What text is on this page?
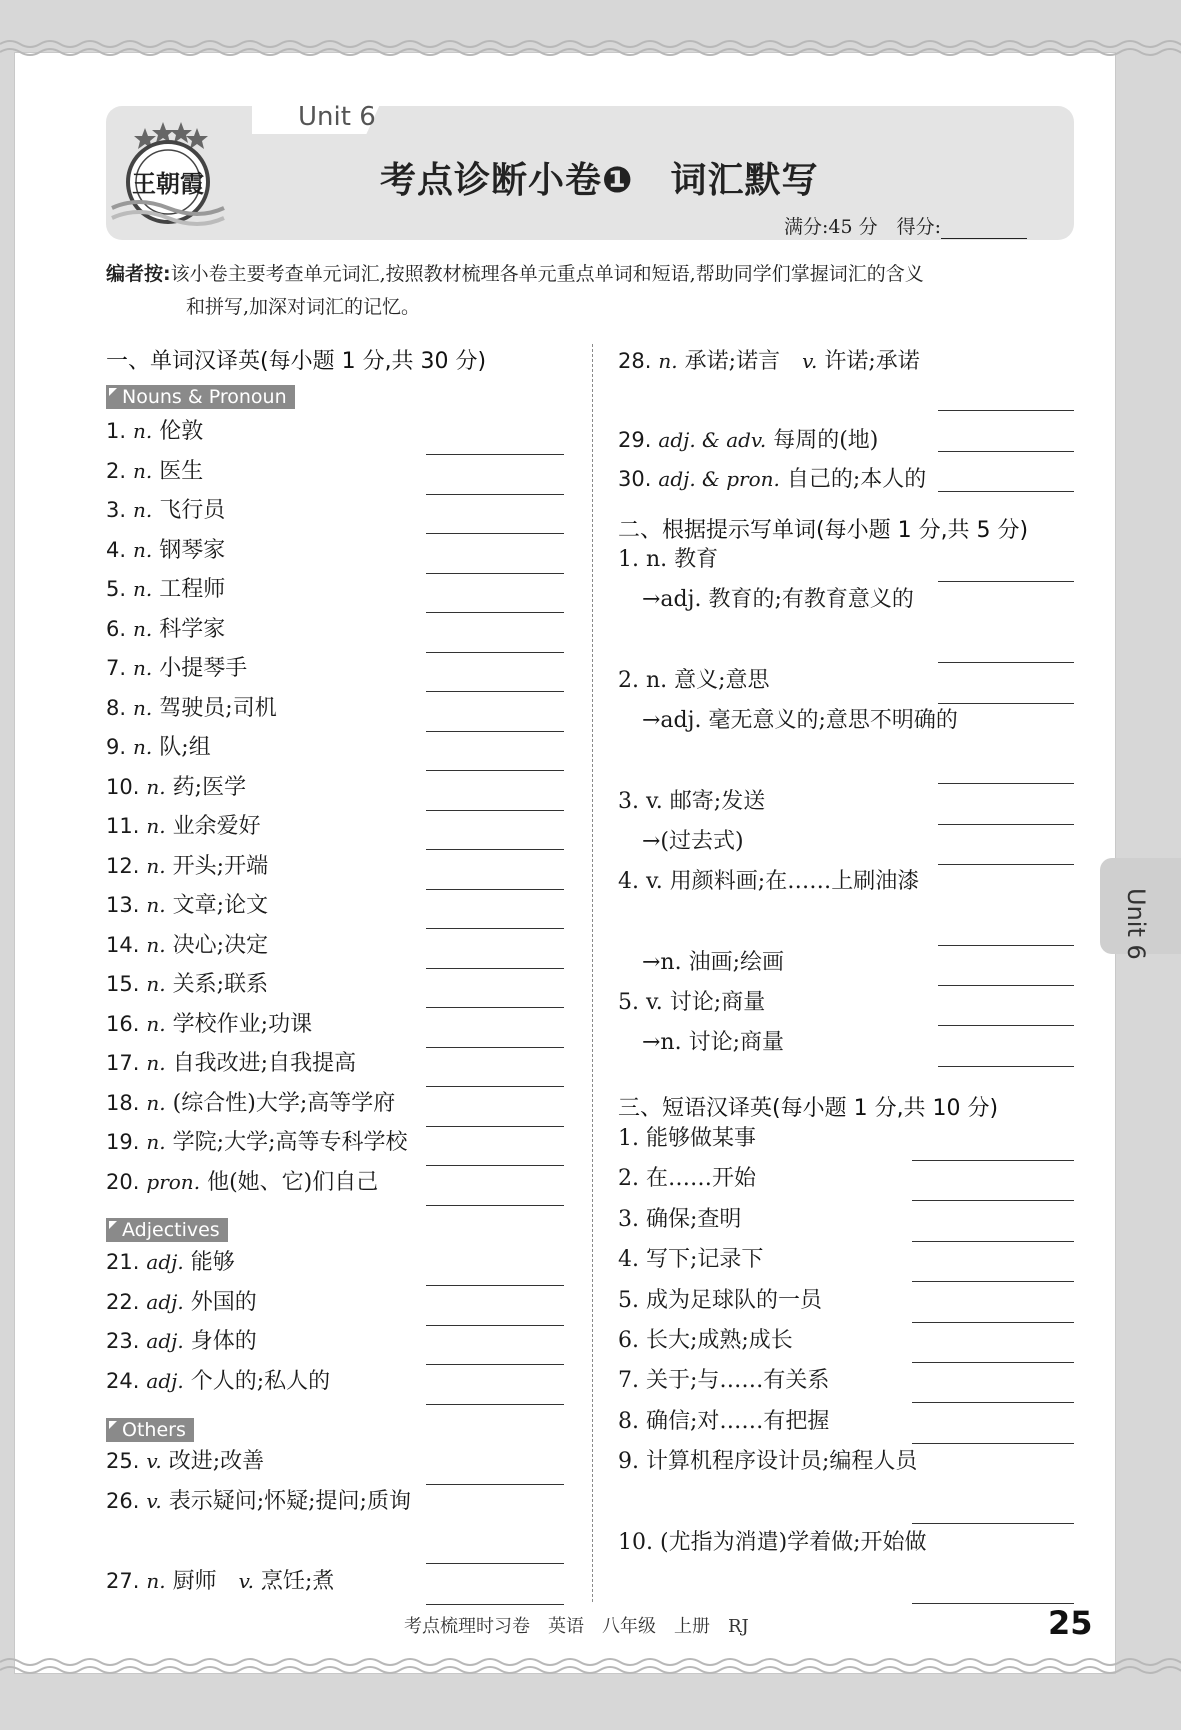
Unit 6
王朝霞	考点诊断小卷❶　词汇默写
满分:45 分　得分:
编者按:该小卷主要考查单元词汇,按照教材梳理各单元重点单词和短语,帮助同学们掌握词汇的含义
和拼写,加深对词汇的记忆。
一、单词汉译英(每小题 1 分,共 30 分)
Nouns & Pronoun
Adjectives
Others
1. n. 伦敦
2. n. 医生
3. n. 飞行员
4. n. 钢琴家
5. n. 工程师
6. n. 科学家
7. n. 小提琴手
8. n. 驾驶员;司机
9. n. 队;组
10. n. 药;医学
11. n. 业余爱好
12. n. 开头;开端
13. n. 文章;论文
14. n. 决心;决定
15. n. 关系;联系
16. n. 学校作业;功课
17. n. 自我改进;自我提高
18. n. (综合性)大学;高等学府
19. n. 学院;大学;高等专科学校
20. pron. 他(她、它)们自己
21. adj. 能够
22. adj. 外国的
23. adj. 身体的
24. adj. 个人的;私人的
25. v. 改进;改善
26. v. 表示疑问;怀疑;提问;质询
27. n. 厨师　v. 烹饪;煮
28. n. 承诺;诺言　v. 许诺;承诺
29. adj. & adv. 每周的(地)
30. adj. & pron. 自己的;本人的
二、根据提示写单词(每小题 1 分,共 5 分)
1. n. 教育
→adj. 教育的;有教育意义的
2. n. 意义;意思
→adj. 毫无意义的;意思不明确的
3. v. 邮寄;发送
→(过去式)
4. v. 用颜料画;在……上刷油漆
→n. 油画;绘画
5. v. 讨论;商量
→n. 讨论;商量
三、短语汉译英(每小题 1 分,共 10 分)
1. 能够做某事
2. 在……开始
3. 确保;查明
4. 写下;记录下
5. 成为足球队的一员
6. 长大;成熟;成长
7. 关于;与……有关系
8. 确信;对……有把握
9. 计算机程序设计员;编程人员
10. (尤指为消遣)学着做;开始做
Unit 6
考点梳理时习卷　英语　八年级　上册　RJ	25
